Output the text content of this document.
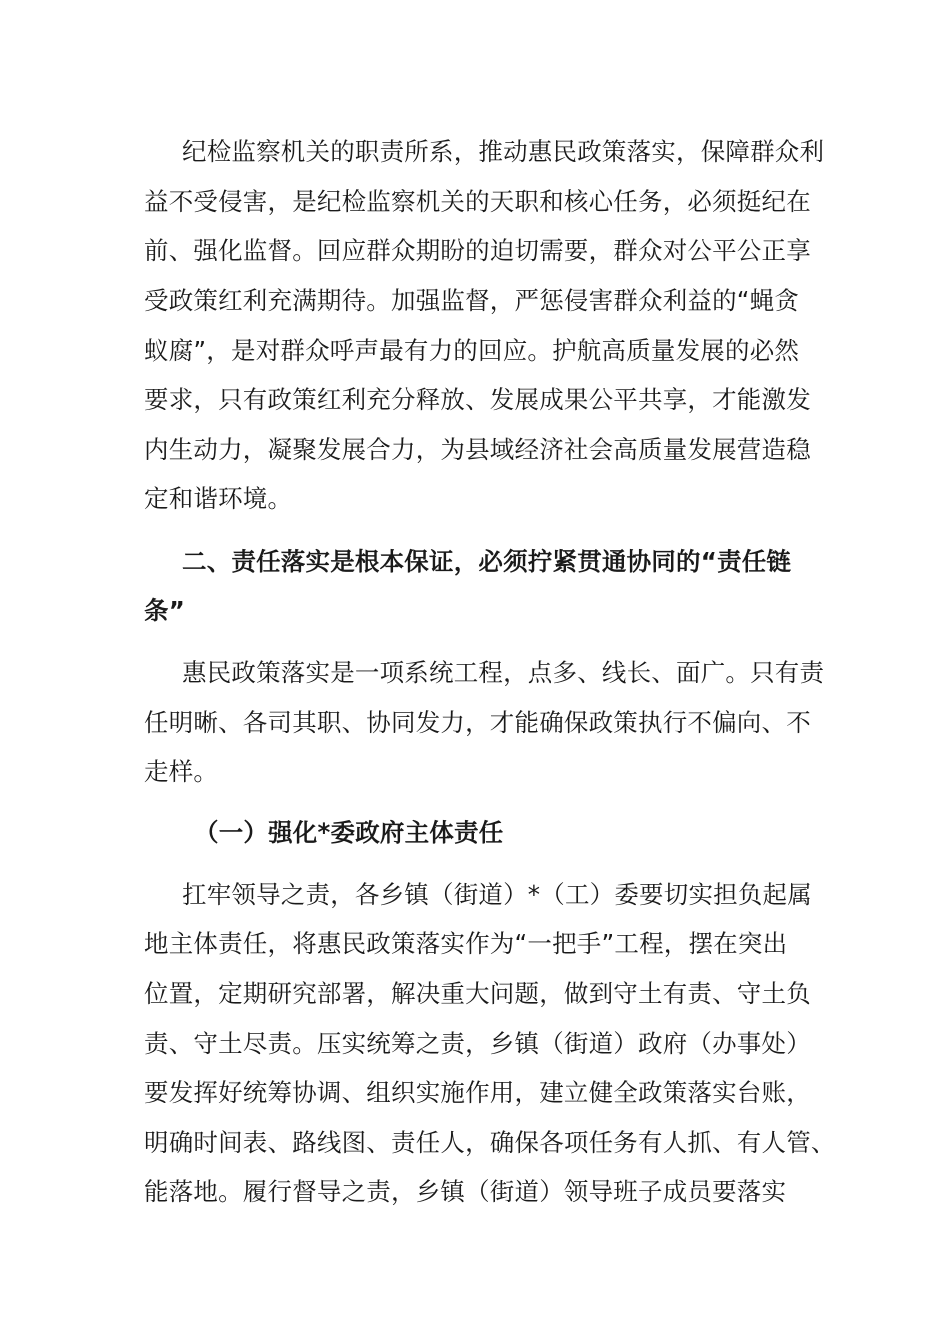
纪检监察机关的职责所系，推动惠民政策落实，保障群众利
益不受侵害，是纪检监察机关的天职和核心任务，必须挺纪在
前、强化监督。回应群众期盼的迫切需要，群众对公平公正享
受政策红利充满期待。加强监督，严惩侵害群众利益的“蝇贪
蚁腐”，是对群众呼声最有力的回应。护航高质量发展的必然
要求，只有政策红利充分释放、发展成果公平共享，才能激发
内生动力，凝聚发展合力，为县域经济社会高质量发展营造稳
定和谐环境。
二、责任落实是根本保证，必须拧紧贯通协同的“责任链
条”
惠民政策落实是一项系统工程，点多、线长、面广。只有责
任明晰、各司其职、协同发力，才能确保政策执行不偏向、不
走样。
（一）强化*委政府主体责任
扛牢领导之责，各乡镇（街道）*（工）委要切实担负起属
地主体责任，将惠民政策落实作为“一把手”工程，摆在突出
位置，定期研究部署，解决重大问题，做到守土有责、守土负
责、守土尽责。压实统筹之责，乡镇（街道）政府（办事处）
要发挥好统筹协调、组织实施作用，建立健全政策落实台账，
明确时间表、路线图、责任人，确保各项任务有人抓、有人管、
能落地。履行督导之责，乡镇（街道）领导班子成员要落实
